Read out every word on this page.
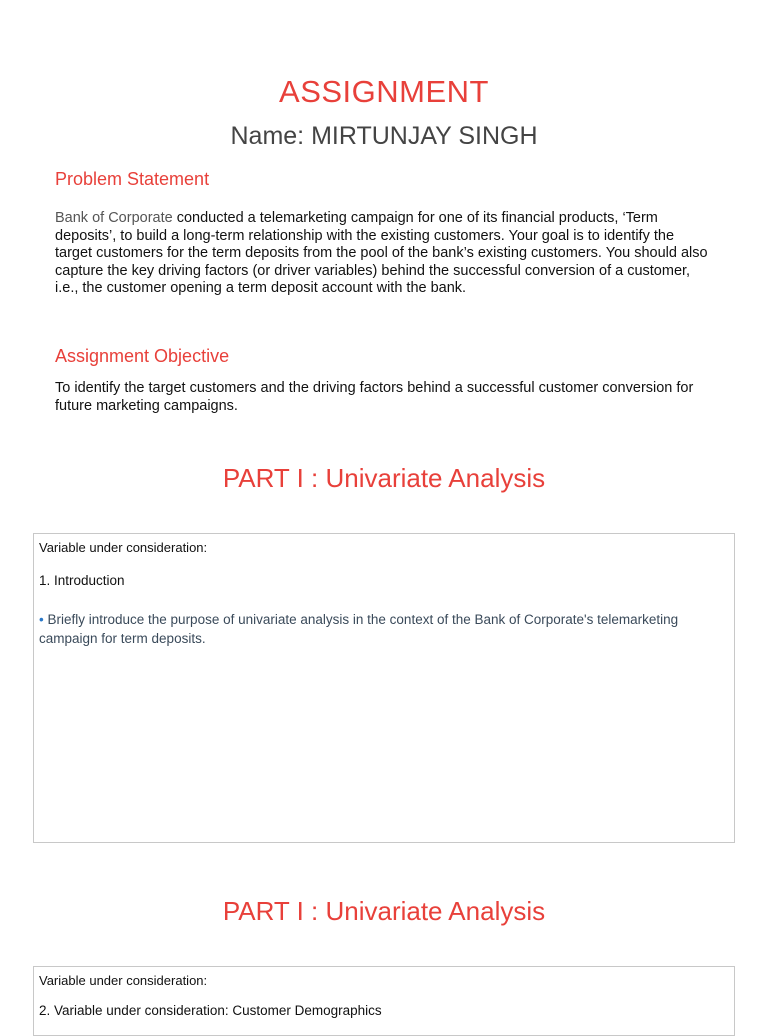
ASSIGNMENT
Name: MIRTUNJAY SINGH
Problem Statement
Bank of Corporate conducted a telemarketing campaign for one of its financial products, ‘Term deposits’, to build a long-term relationship with the existing customers. Your goal is to identify the target customers for the term deposits from the pool of the bank’s existing customers. You should also capture the key driving factors (or driver variables) behind the successful conversion of a customer, i.e., the customer opening a term deposit account with the bank.
Assignment Objective
To identify the target customers and the driving factors behind a successful customer conversion for future marketing campaigns.
PART I : Univariate Analysis
Variable under consideration:
1. Introduction
• Briefly introduce the purpose of univariate analysis in the context of the Bank of Corporate's telemarketing campaign for term deposits.
PART I : Univariate Analysis
Variable under consideration:
2. Variable under consideration: Customer Demographics
